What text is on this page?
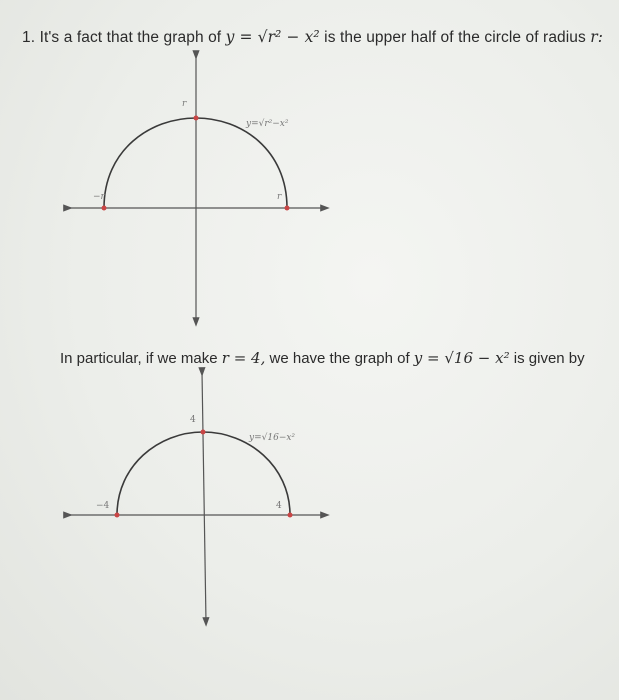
1. It's a fact that the graph of y = √r² − x² is the upper half of the circle of radius r:
r
−r	r
y=√r²−x²
4
−4	4
y=√16−x²
In particular, if we make r = 4, we have the graph of y = √16 − x² is given by
